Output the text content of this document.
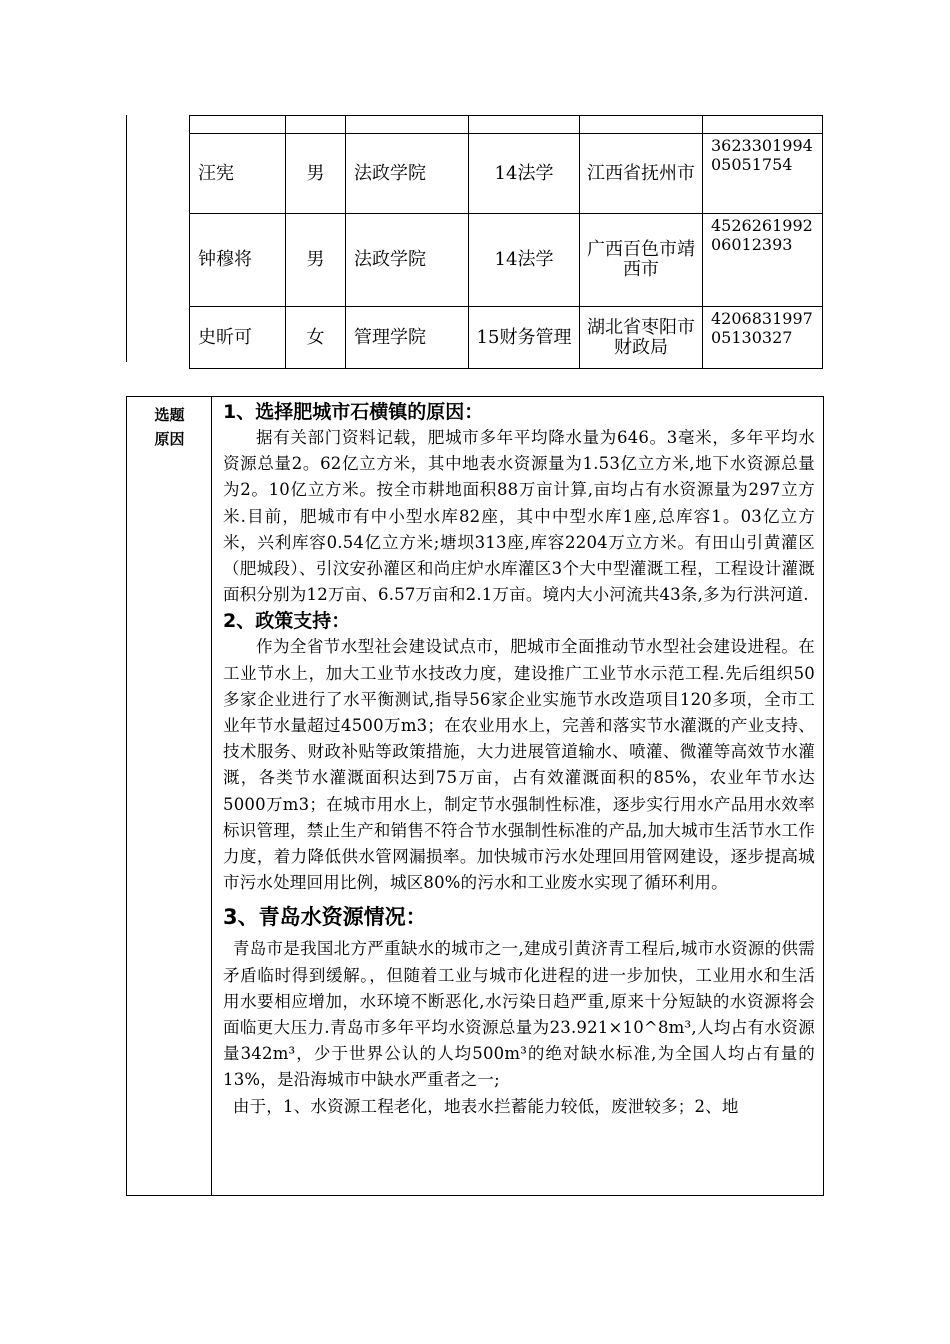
汪宪	男	法政学院	14法学	江西省抚州市	362330199405051754
钟穆将	男	法政学院	14法学	广西百色市靖西市	452626199206012393
史昕可	女	管理学院	15财务管理	湖北省枣阳市财政局	420683199705130327
选题
原因

1、选择肥城市石横镇的原因：

据有关部门资料记载，肥城市多年平均降水量为646。3毫米，多年平均水资源总量2。62亿立方米，其中地表水资源量为1.53亿立方米,地下水资源总量为2。10亿立方米。按全市耕地面积88万亩计算,亩均占有水资源量为297立方米.目前，肥城市有中小型水库82座，其中中型水库1座,总库容1。03亿立方米，兴利库容0.54亿立方米;塘坝313座,库容2204万立方米。有田山引黄灌区（肥城段）、引汶安孙灌区和尚庄炉水库灌区3个大中型灌溉工程，工程设计灌溉面积分别为12万亩、6.57万亩和2.1万亩。境内大小河流共43条,多为行洪河道.

2、政策支持：

作为全省节水型社会建设试点市，肥城市全面推动节水型社会建设进程。在工业节水上，加大工业节水技改力度，建设推广工业节水示范工程.先后组织50多家企业进行了水平衡测试,指导56家企业实施节水改造项目120多项，全市工业年节水量超过4500万m3；在农业用水上，完善和落实节水灌溉的产业支持、技术服务、财政补贴等政策措施，大力进展管道输水、喷灌、微灌等高效节水灌溉，各类节水灌溉面积达到75万亩，占有效灌溉面积的85%，农业年节水达5000万m3；在城市用水上，制定节水强制性标准，逐步实行用水产品用水效率标识管理，禁止生产和销售不符合节水强制性标准的产品,加大城市生活节水工作力度，着力降低供水管网漏损率。加快城市污水处理回用管网建设，逐步提高城市污水处理回用比例，城区80%的污水和工业废水实现了循环利用。

3、青岛水资源情况：

青岛市是我国北方严重缺水的城市之一,建成引黄济青工程后,城市水资源的供需矛盾临时得到缓解。，但随着工业与城市化进程的进一步加快，工业用水和生活用水要相应增加，水环境不断恶化,水污染日趋严重,原来十分短缺的水资源将会面临更大压力.青岛市多年平均水资源总量为23.921×10^8m³,人均占有水资源量342m³，少于世界公认的人均500m³的绝对缺水标准,为全国人均占有量的13%，是沿海城市中缺水严重者之一;

由于，1、水资源工程老化，地表水拦蓄能力较低，废泄较多；2、地
